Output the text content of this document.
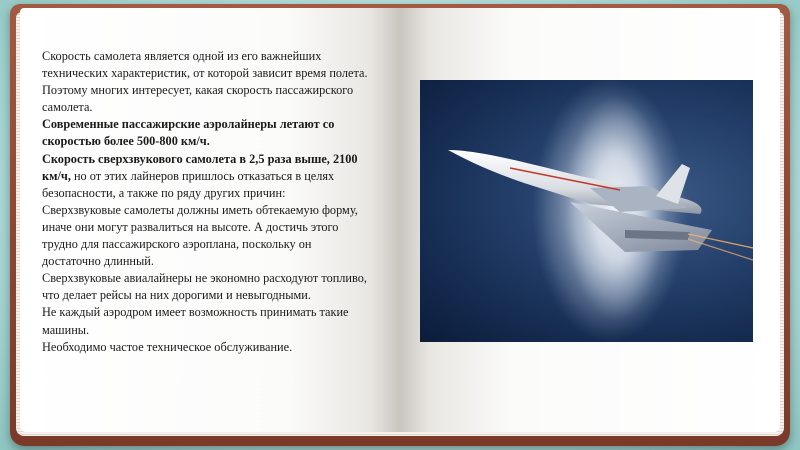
Скорость самолета является одной из его важнейших технических характеристик, от которой зависит время полета. Поэтому многих интересует, какая скорость пассажирского самолета.

Современные пассажирские аэролайнеры летают со скоростью более 500-800 км/ч.

Скорость сверхзвукового самолета в 2,5 раза выше, 2100 км/ч, но от этих лайнеров пришлось отказаться в целях безопасности, а также по ряду других причин:

Сверхзвуковые самолеты должны иметь обтекаемую форму, иначе они могут развалиться на высоте. А достичь этого трудно для пассажирского аэроплана, поскольку он достаточно длинный.

Сверхзвуковые авиалайнеры не экономно расходуют топливо, что делает рейсы на них дорогими и невыгодными.

Не каждый аэродром имеет возможность принимать такие машины.

Необходимо частое техническое обслуживание.
